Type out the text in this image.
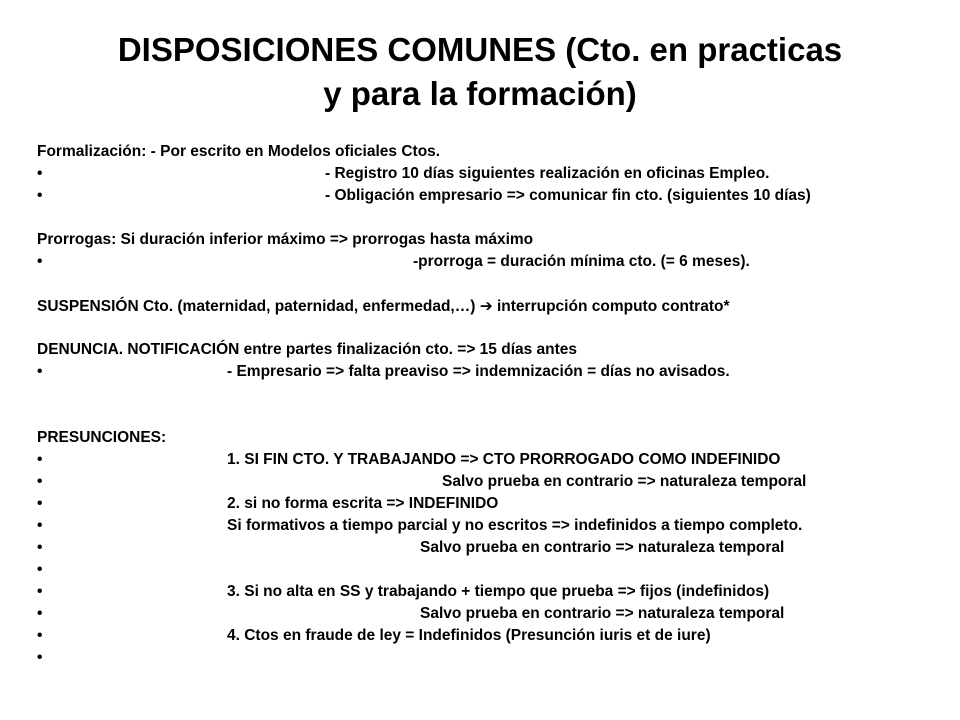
DISPOSICIONES COMUNES (Cto. en practicas
y para la formación)
Formalización: - Por escrito en Modelos oficiales Ctos.
•	- Registro 10 días siguientes realización en oficinas Empleo.
•	- Obligación empresario => comunicar fin cto. (siguientes 10 días)
Prorrogas: Si duración inferior máximo => prorrogas hasta máximo
•	-prorroga = duración mínima cto. (= 6 meses).
SUSPENSIÓN Cto. (maternidad, paternidad, enfermedad,…) ➔ interrupción computo contrato*
DENUNCIA. NOTIFICACIÓN entre partes finalización cto. => 15 días antes
•	- Empresario => falta preaviso => indemnización = días no avisados.
PRESUNCIONES:
•	1. SI FIN CTO. Y TRABAJANDO => CTO PRORROGADO COMO INDEFINIDO
•	Salvo prueba en contrario => naturaleza temporal
•	2. si no forma escrita => INDEFINIDO
•	Si formativos a tiempo parcial y no escritos => indefinidos a tiempo completo.
•	Salvo prueba en contrario => naturaleza temporal
•
•	3. Si no alta en SS y trabajando + tiempo que prueba => fijos (indefinidos)
•	Salvo prueba en contrario => naturaleza temporal
•	4. Ctos en fraude de ley = Indefinidos (Presunción iuris et de iure)
•
